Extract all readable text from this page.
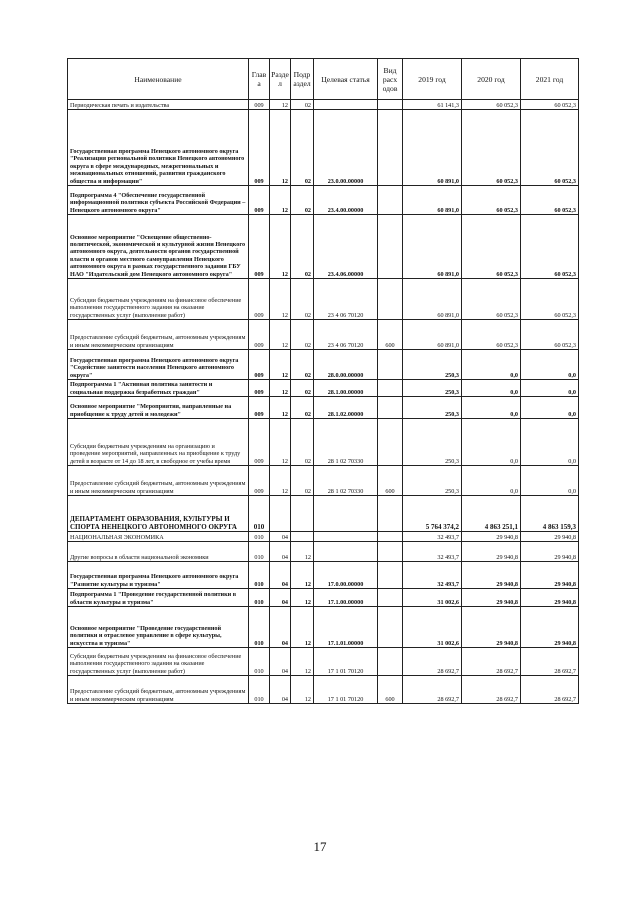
Наименование	Глав а	Разде л	Подр аздел	Целевая статья	Вид расх одов	2019 год	2020 год	2021 год
Периодическая печать и издательства	009	12	02			61 141,3	60 052,3	60 052,3
Государственная программа Ненецкого автономного округа "Реализация региональной политики Ненецкого автономного округа в сфере международных, межрегиональных и межнациональных отношений, развития гражданского общества и информации"	009	12	02	23.0.00.00000		60 891,0	60 052,3	60 052,3
Подпрограмма 4 "Обеспечение государственной информационной политики субъекта Российской Федерации – Ненецкого автономного округа"	009	12	02	23.4.00.00000		60 891,0	60 052,3	60 052,3
Основное мероприятие "Освещение общественно-политической, экономической и культурной жизни Ненецкого автономного округа, деятельности органов государственной власти и органов местного самоуправления Ненецкого автономного округа в рамках государственного задания ГБУ НАО "Издательский дом Ненецкого автономного округа"	009	12	02	23.4.06.00000		60 891,0	60 052,3	60 052,3
Субсидии бюджетным учреждениям на финансовое обеспечение выполнения государственного задания на оказание государственных услуг (выполнение работ)	009	12	02	23 4 06 70120		60 891,0	60 052,3	60 052,3
Предоставление субсидий бюджетным, автономным учреждениям и иным некоммерческим организациям	009	12	02	23 4 06 70120	600	60 891,0	60 052,3	60 052,3
Государственная программа Ненецкого автономного округа "Содействие занятости населения Ненецкого автономного округа"	009	12	02	28.0.00.00000		250,3	0,0	0,0
Подпрограмма 1 "Активная политика занятости и социальная поддержка безработных граждан"	009	12	02	28.1.00.00000		250,3	0,0	0,0
Основное мероприятие "Мероприятия, направленные на приобщение к труду детей и молодежи"	009	12	02	28.1.02.00000		250,3	0,0	0,0
Субсидии бюджетным учреждениям на организацию и проведение мероприятий, направленных на приобщение к труду детей в возрасте от 14 до 18 лет, в свободное от учебы время	009	12	02	28 1 02 70330		250,3	0,0	0,0
Предоставление субсидий бюджетным, автономным учреждениям и иным некоммерческим организациям	009	12	02	28 1 02 70330	600	250,3	0,0	0,0
ДЕПАРТАМЕНТ ОБРАЗОВАНИЯ, КУЛЬТУРЫ И СПОРТА НЕНЕЦКОГО АВТОНОМНОГО ОКРУГА	010					5 764 374,2	4 863 251,1	4 863 159,3
НАЦИОНАЛЬНАЯ ЭКОНОМИКА	010	04				32 493,7	29 940,8	29 940,8
Другие вопросы в области национальной экономики	010	04	12			32 493,7	29 940,8	29 940,8
Государственная программа Ненецкого автономного округа "Развитие культуры и туризма"	010	04	12	17.0.00.00000		32 493,7	29 940,8	29 940,8
Подпрограмма 1 "Проведение государственной политики в области культуры и туризма"	010	04	12	17.1.00.00000		31 002,6	29 940,8	29 940,8
Основное мероприятие "Проведение государственной политики и отраслевое управление в сфере культуры, искусства и туризма"	010	04	12	17.1.01.00000		31 002,6	29 940,8	29 940,8
Субсидии бюджетным учреждениям на финансовое обеспечение выполнения государственного задания на оказание государственных услуг (выполнение работ)	010	04	12	17 1 01 70120		28 692,7	28 692,7	28 692,7
Предоставление субсидий бюджетным, автономным учреждениям и иным некоммерческим организациям	010	04	12	17 1 01 70120	600	28 692,7	28 692,7	28 692,7
17
